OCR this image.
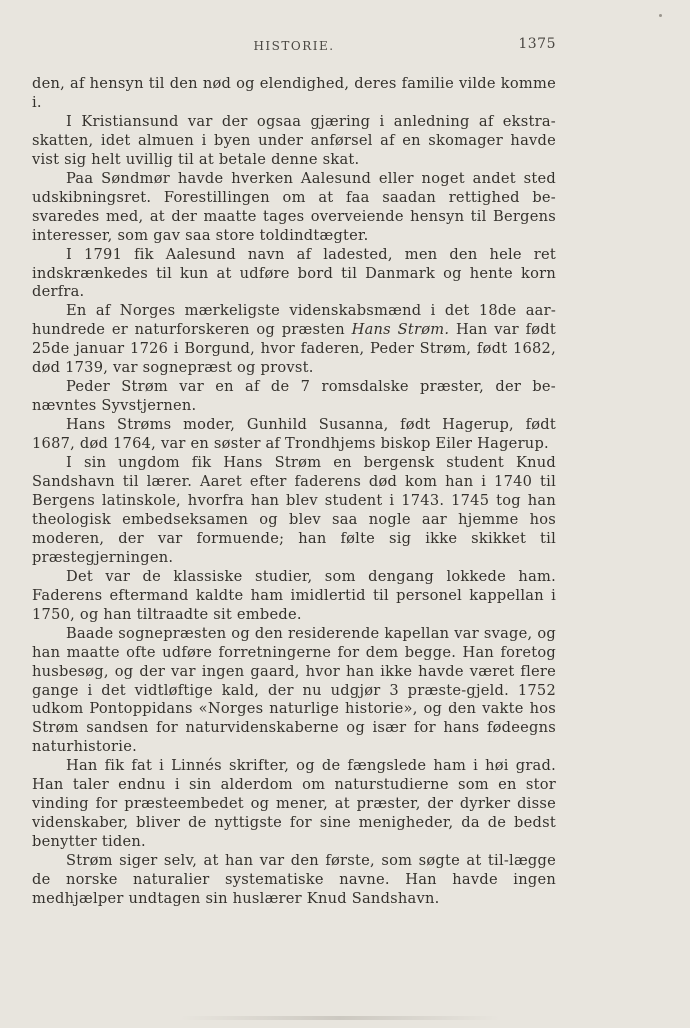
HISTORIE.	1375

den, af hensyn til den nød og elendighed, deres familie vilde komme i.

I Kristiansund var der ogsaa gjæring i anledning af ekstra-skatten, idet almuen i byen under anførsel af en skomager havde vist sig helt uvillig til at betale denne skat.

Paa Søndmør havde hverken Aalesund eller noget andet sted udskibningsret. Forestillingen om at faa saadan rettighed be-svaredes med, at der maatte tages overveiende hensyn til Bergens interesser, som gav saa store toldindtægter.

I 1791 fik Aalesund navn af ladested, men den hele ret indskrænkedes til kun at udføre bord til Danmark og hente korn derfra.

En af Norges mærkeligste videnskabsmænd i det 18de aar-hundrede er naturforskeren og præsten Hans Strøm. Han var født 25de januar 1726 i Borgund, hvor faderen, Peder Strøm, født 1682, død 1739, var sognepræst og provst.

Peder Strøm var en af de 7 romsdalske præster, der be-nævntes Syvstjernen.

Hans Strøms moder, Gunhild Susanna, født Hagerup, født 1687, død 1764, var en søster af Trondhjems biskop Eiler Hagerup.

I sin ungdom fik Hans Strøm en bergensk student Knud Sandshavn til lærer. Aaret efter faderens død kom han i 1740 til Bergens latinskole, hvorfra han blev student i 1743. 1745 tog han theologisk embedseksamen og blev saa nogle aar hjemme hos moderen, der var formuende; han følte sig ikke skikket til præstegjerningen.

Det var de klassiske studier, som dengang lokkede ham. Faderens eftermand kaldte ham imidlertid til personel kappellan i 1750, og han tiltraadte sit embede.

Baade sognepræsten og den residerende kapellan var svage, og han maatte ofte udføre forretningerne for dem begge. Han foretog husbesøg, og der var ingen gaard, hvor han ikke havde været flere gange i det vidtløftige kald, der nu udgjør 3 præste-gjeld. 1752 udkom Pontoppidans «Norges naturlige historie», og den vakte hos Strøm sandsen for naturvidenskaberne og især for hans fødeegns naturhistorie.

Han fik fat i Linnés skrifter, og de fængslede ham i høi grad. Han taler endnu i sin alderdom om naturstudierne som en stor vinding for præsteembedet og mener, at præster, der dyrker disse videnskaber, bliver de nyttigste for sine menigheder, da de bedst benytter tiden.

Strøm siger selv, at han var den første, som søgte at til-lægge de norske naturalier systematiske navne. Han havde ingen medhjælper undtagen sin huslærer Knud Sandshavn.
